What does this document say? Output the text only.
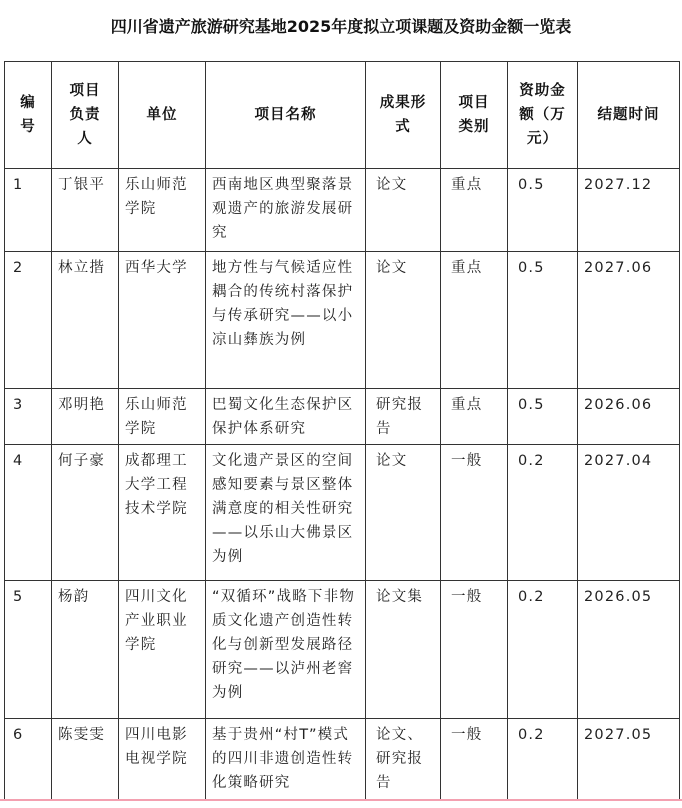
四川省遗产旅游研究基地2025年度拟立项课题及资助金额一览表
编号	项目负责人	单位	项目名称	成果形式	项目类别	资助金额（万元）	结题时间
1	丁银平	乐山师范学院	西南地区典型聚落景观遗产的旅游发展研究	论文	重点	0.5	2027.12
2	林立揩	西华大学	地方性与气候适应性耦合的传统村落保护与传承研究——以小凉山彝族为例	论文	重点	0.5	2027.06
3	邓明艳	乐山师范学院	巴蜀文化生态保护区保护体系研究	研究报告	重点	0.5	2026.06
4	何子豪	成都理工大学工程技术学院	文化遗产景区的空间感知要素与景区整体满意度的相关性研究——以乐山大佛景区为例	论文	一般	0.2	2027.04
5	杨韵	四川文化产业职业学院	“双循环”战略下非物质文化遗产创造性转化与创新型发展路径研究——以泸州老窖为例	论文集	一般	0.2	2026.05
6	陈雯雯	四川电影电视学院	基于贵州“村T”模式的四川非遗创造性转化策略研究	论文、研究报告	一般	0.2	2027.05
